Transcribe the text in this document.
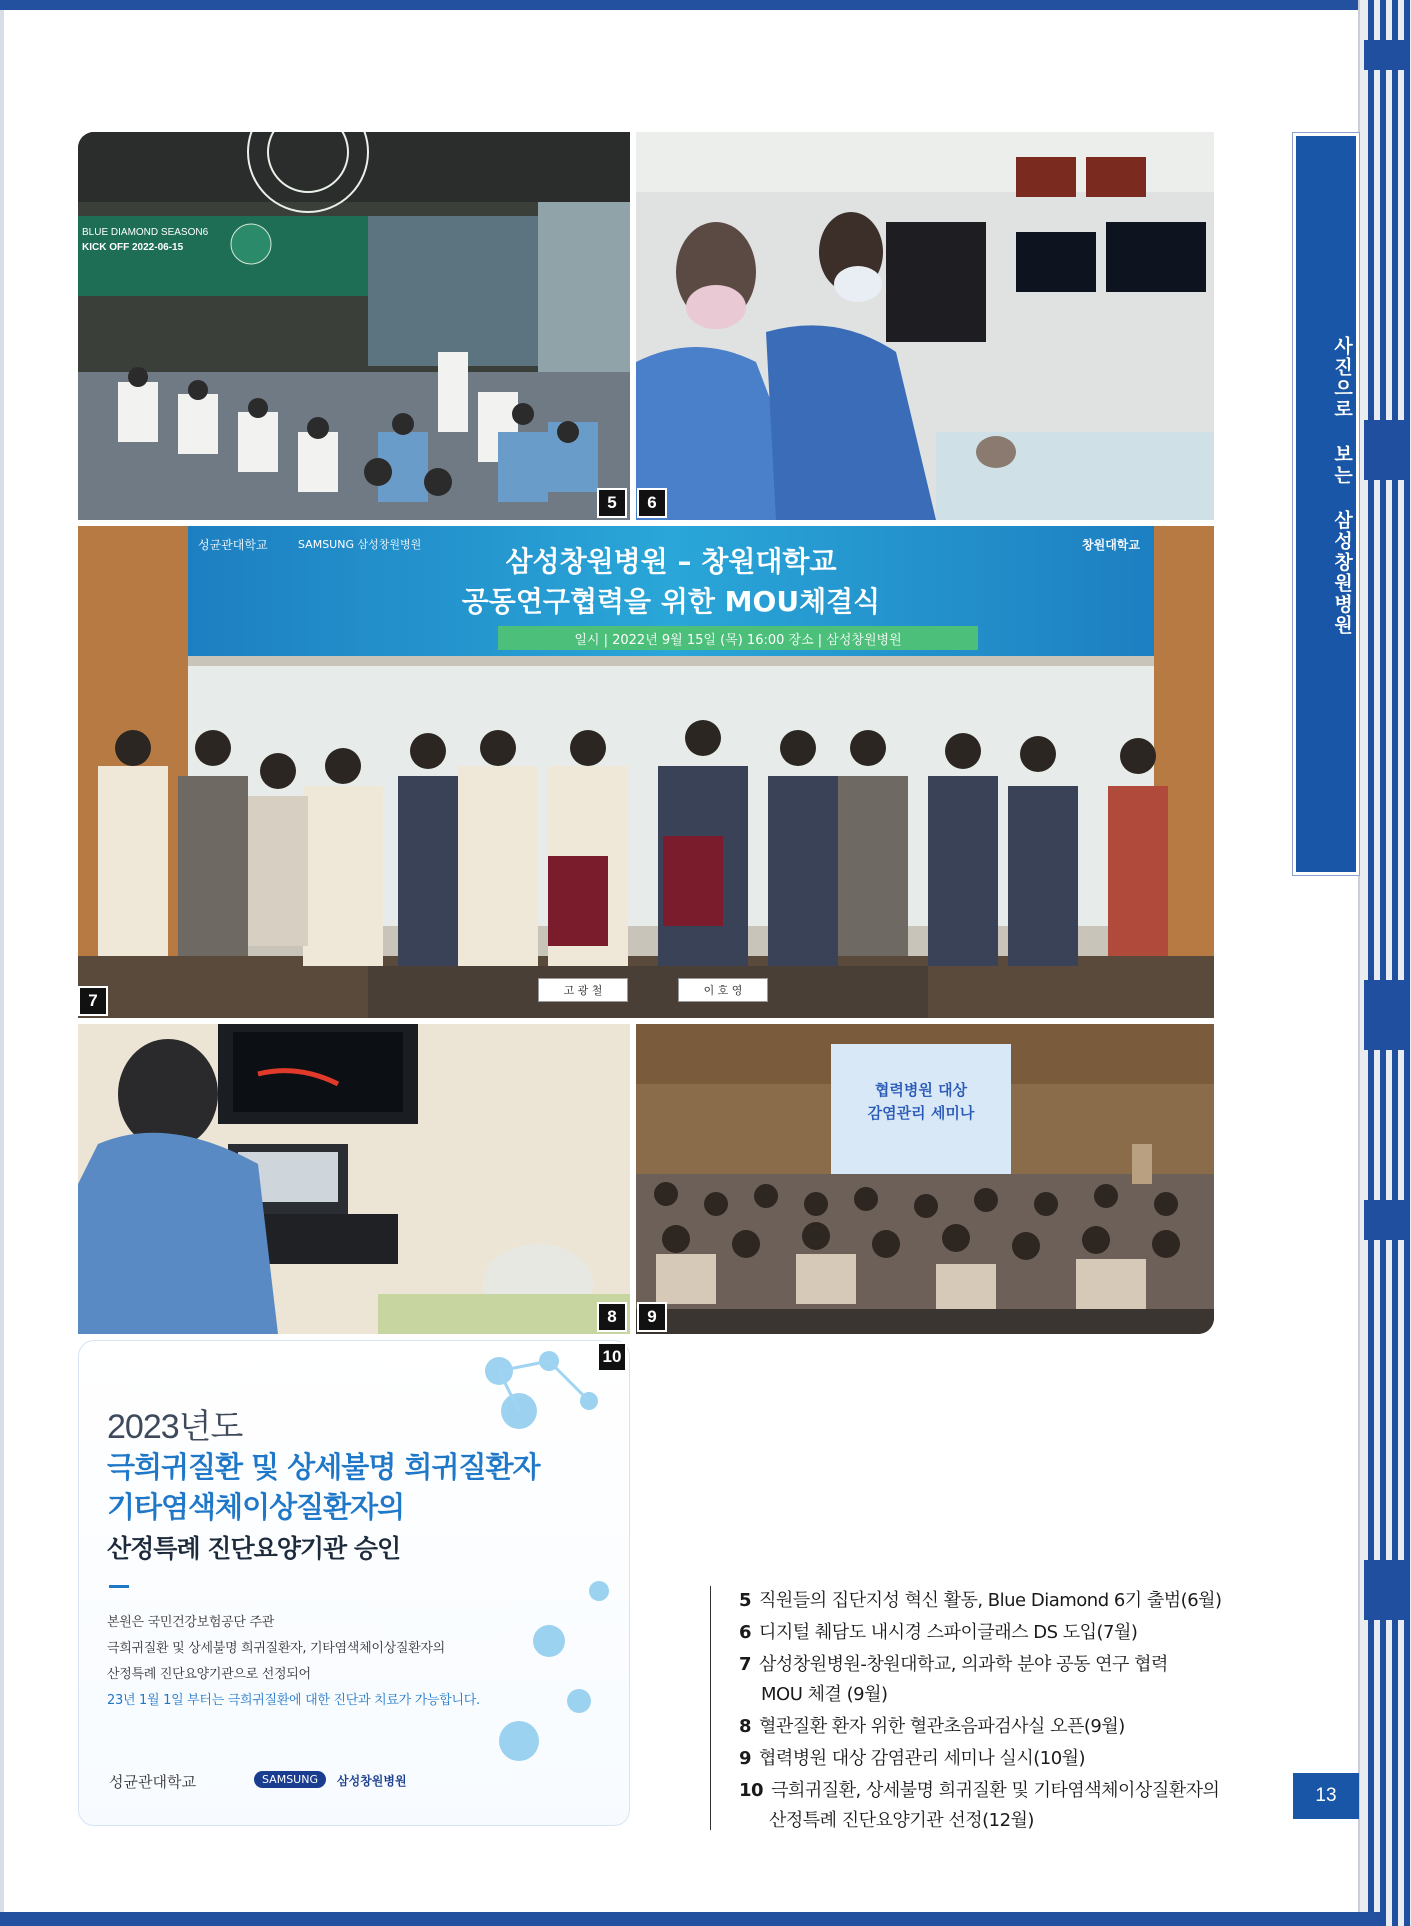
사진으로 보는 삼성창원병원
13
BLUE DIAMOND SEASON6
KICK OFF 2022-06-15
5	6
성균관대학교	SAMSUNG 삼성창원병원	창원대학교
삼성창원병원 – 창원대학교
공동연구협력을 위한 MOU체결식
일시 | 2022년 9월 15일 (목) 16:00 장소 | 삼성창원병원
고 광 철	이 호 영
7
8
협력병원 대상
감염관리 세미나
9
2023년도
극희귀질환 및 상세불명 희귀질환자
기타염색체이상질환자의
산정특례 진단요양기관 승인
본원은 국민건강보험공단 주관
극희귀질환 및 상세불명 희귀질환자, 기타염색체이상질환자의
산정특례 진단요양기관으로 선정되어
23년 1월 1일 부터는 극희귀질환에 대한 진단과 치료가 가능합니다.
성균관대학교	SAMSUNG	삼성창원병원
10
5 직원들의 집단지성 혁신 활동, Blue Diamond 6기 출범(6월)
6 디지털 췌담도 내시경 스파이글래스 DS 도입(7월)
7 삼성창원병원-창원대학교, 의과학 분야 공동 연구 협력
MOU 체결 (9월)
8 혈관질환 환자 위한 혈관초음파검사실 오픈(9월)
9 협력병원 대상 감염관리 세미나 실시(10월)
10 극희귀질환, 상세불명 희귀질환 및 기타염색체이상질환자의
산정특례 진단요양기관 선정(12월)
